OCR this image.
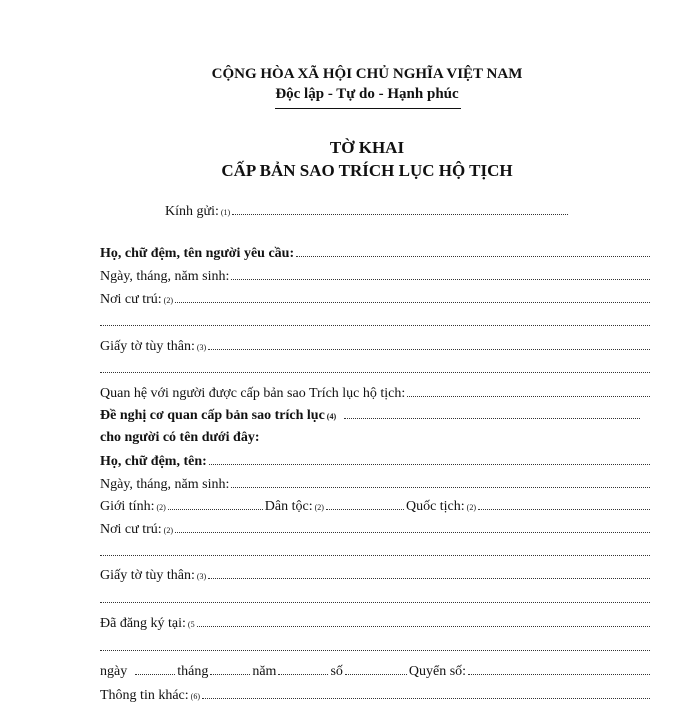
CỘNG HÒA XÃ HỘI CHỦ NGHĨA VIỆT NAM
Độc lập - Tự do - Hạnh phúc
TỜ KHAI
CẤP BẢN SAO TRÍCH LỤC HỘ TỊCH
Kính gửi: (1)
Họ, chữ đệm, tên người yêu cầu:
Ngày, tháng, năm sinh:
Nơi cư trú: (2)
Giấy tờ tùy thân: (3)
Quan hệ với người được cấp bản sao Trích lục hộ tịch:
Đề nghị cơ quan cấp bản sao trích lục (4)
cho người có tên dưới đây:
Họ, chữ đệm, tên:
Ngày, tháng, năm sinh:
Giới tính: (2)	Dân tộc: (2)	Quốc tịch: (2)
Nơi cư trú: (2)
Giấy tờ tùy thân: (3)
Đã đăng ký tại: (5
ngày	tháng	năm	số	Quyển số:
Thông tin khác: (6)
